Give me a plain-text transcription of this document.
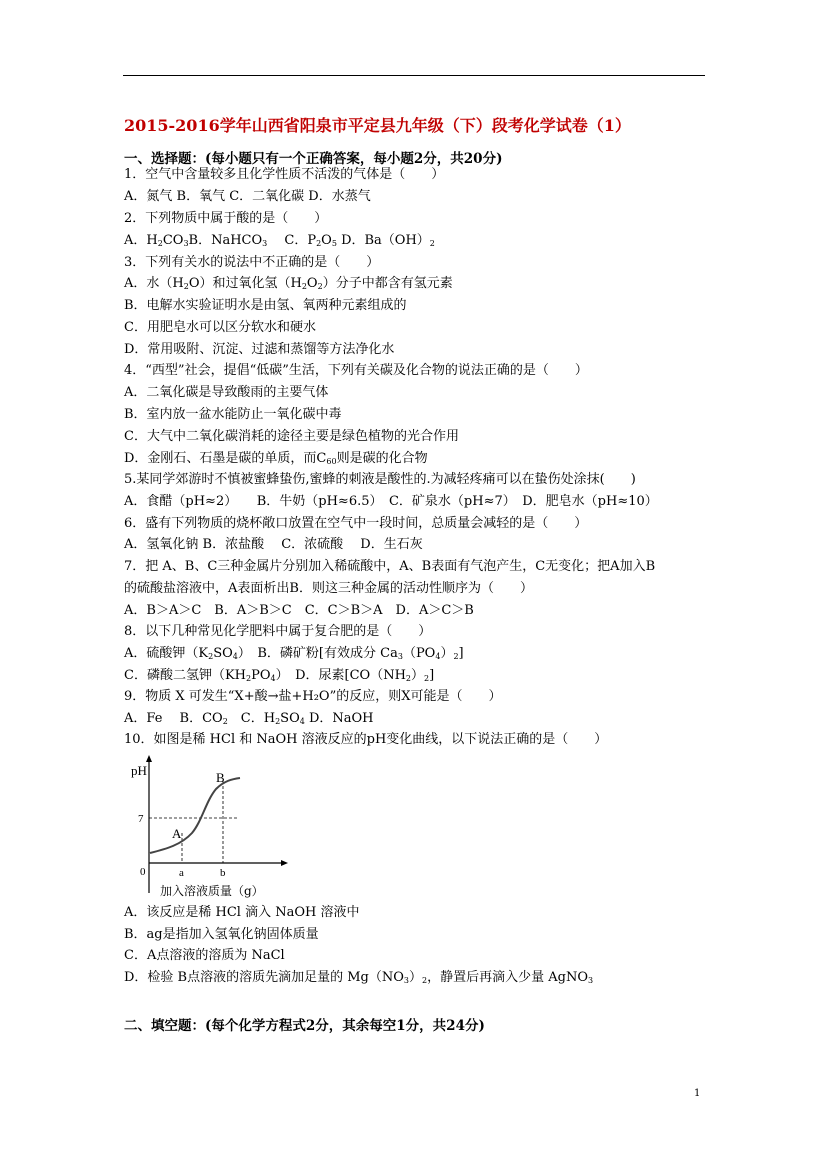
2015-2016学年山西省阳泉市平定县九年级（下）段考化学试卷（1）
一、选择题：(每小题只有一个正确答案，每小题2分，共20分)
1．空气中含量较多且化学性质不活泼的气体是（　　）
A．氮气 B．氧气 C．二氧化碳 D．水蒸气
2．下列物质中属于酸的是（　　）
A．$H_2CO_3B$．NaHCO$_3$　 C．$P_2O_5$ D．$Ba(OH)_2$
3．下列有关水的说法中不正确的是（　　）
A．水$(H_2O)$和过氧化氢$(H_2O_2)$分子中都含有氢元素
B．电解水实验证明水是由氢、氧两种元素组成的
C．用肥皂水可以区分软水和硬水
D．常用吸附、沉淀、过滤和蒸馏等方法净化水
4．“西型”社会，提倡“低碳”生活，下列有关碳及化合物的说法正确的是（　　）
A．二氧化碳是导致酸雨的主要气体
B．室内放一盆水能防止一氧化碳中毒
C．大气中二氧化碳消耗的途径主要是绿色植物的光合作用
D．金刚石、石墨是碳的单质，而$C_{60}$则是碳的化合物
5.某同学郊游时不慎被蜜蜂蛰伤,蜜蜂的刺液是酸性的.为减轻疼痛可以在蛰伤处涂抹(　　)
A．食醋（pH≈2）　　B．牛奶（pH≈6.5）　C．矿泉水（pH≈7）　D．肥皂水（pH≈10）
6．盛有下列物质的烧杯敞口放置在空气中一段时间，总质量会减轻的是（　　）
A．氢氧化钠 B．浓盐酸　 C．浓硫酸　 D．生石灰
7．把 A、B、C三种金属片分别加入稀硫酸中，A、B表面有气泡产生，C无变化；把A加入B
的硫酸盐溶液中，A表面析出B．则这三种金属的活动性顺序为（　　）
A．B＞A＞C　B．A＞B＞C　C．C＞B＞A　D．A＞C＞B
8．以下几种常见化学肥料中属于复合肥的是（　　）
A．硫酸钾$(K_2SO_4)$　B．磷矿粉[有效成分 $Ca_3(PO_4)_2$]
C．磷酸二氢钾$(KH_2PO_4)$　D．尿素$[CO(NH_2)_2]$
9．物质 X 可发生“X+酸→盐+H₂O”的反应，则X可能是（　　）
A．Fe　 B．$CO_2$　C．$H_2SO_4$ D．NaOH
10．如图是稀 HCl 和 NaOH 溶液反应的pH变化曲线，以下说法正确的是（　　）
pH
7
0
A
B
a	b
加入溶液质量（g）
A．该反应是稀 HCl 滴入 NaOH 溶液中
B．ag是指加入氢氧化钠固体质量
C．A点溶液的溶质为 NaCl
D．检验 B点溶液的溶质先滴加足量的 $Mg(NO_3)_2$，静置后再滴入少量 AgNO$_3$
二、填空题：(每个化学方程式2分，其余每空1分，共24分)
1
